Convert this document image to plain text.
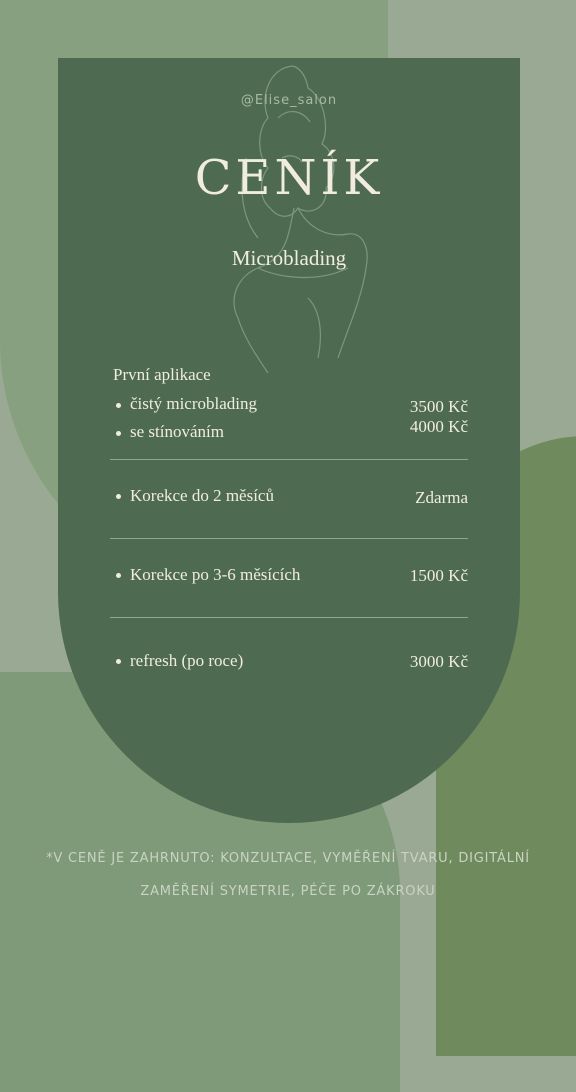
@Elise_salon
CENÍK
Microblading
První aplikace
čistý microblading	3500 Kč
se stínováním	4000 Kč
Korekce do 2 měsíců	Zdarma
Korekce po 3-6 měsících	1500 Kč
refresh (po roce)	3000 Kč
*V CENĚ JE ZAHRNUTO: KONZULTACE, VYMĚŘENÍ TVARU, DIGITÁLNÍ
ZAMĚŘENÍ SYMETRIE, PÉČE PO ZÁKROKU
